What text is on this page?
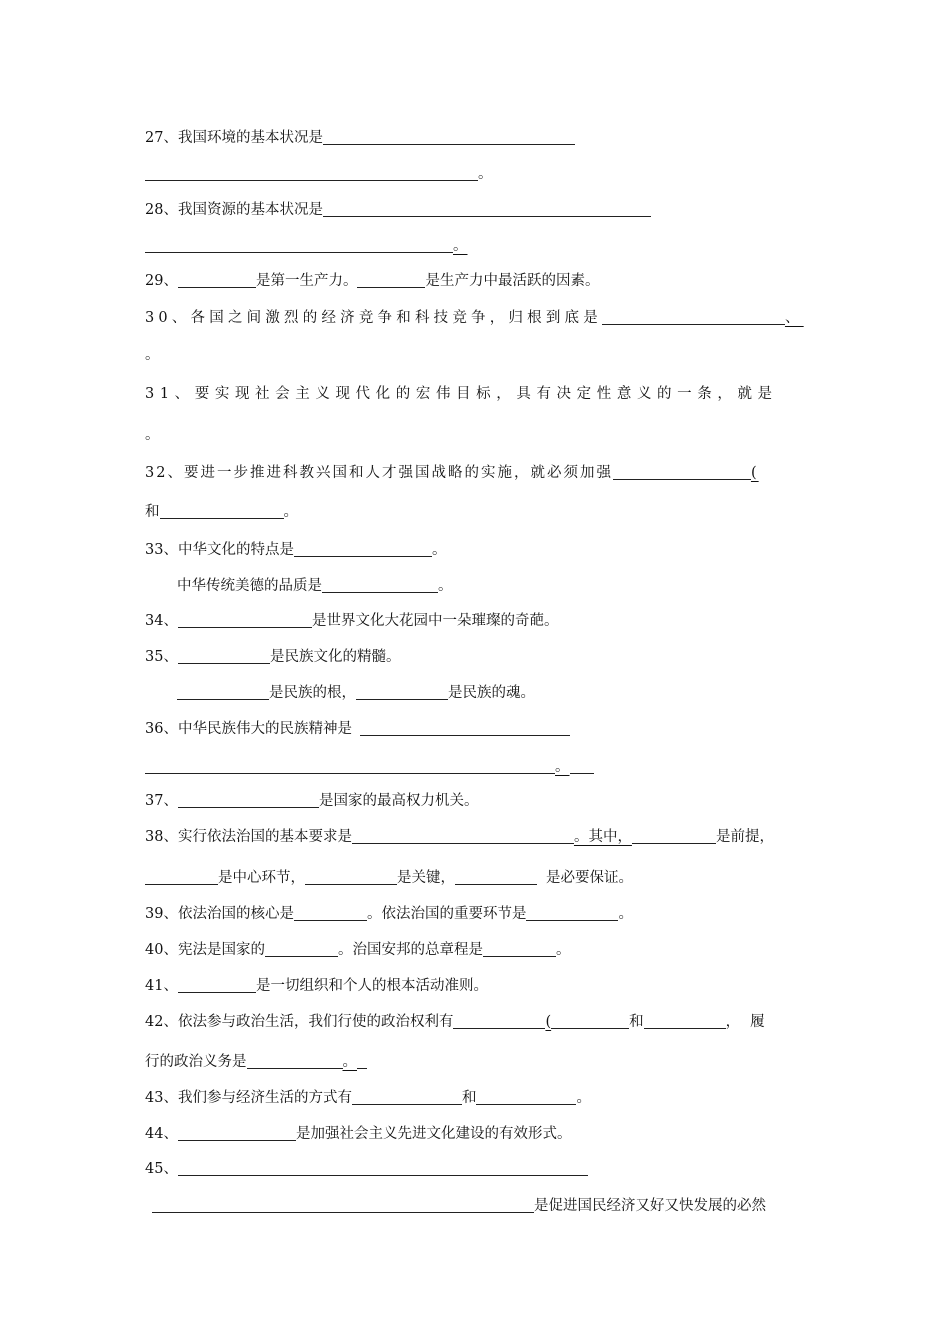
27、我国环境的基本状况是
。
28、我国资源的基本状况是
。
29、	是第一生产力。	是生产力中最活跃的因素。
30、各国之间激烈的经济竞争和科技竞争，归根到底是	、
。
31、要实现社会主义现代化的宏伟目标，具有决定性意义的一条，就是
。
32、要进一步推进科教兴国和人才强国战略的实施，就必须加强	(
和	。
33、中华文化的特点是	。
中华传统美德的品质是	。
34、	是世界文化大花园中一朵璀璨的奇葩。
35、	是民族文化的精髓。
是民族的根，	是民族的魂。
36、中华民族伟大的民族精神是
。
37、	是国家的最高权力机关。
38、实行依法治国的基本要求是	。其中，	是前提，
是中心环节，	是关键，	是必要保证。
39、依法治国的核心是	。依法治国的重要环节是	。
40、宪法是国家的	。治国安邦的总章程是	。
41、	是一切组织和个人的根本活动准则。
42、依法参与政治生活，我们行使的政治权利有	(	和	，履
行的政治义务是	。
43、我们参与经济生活的方式有	和	。
44、	是加强社会主义先进文化建设的有效形式。
45、
是促进国民经济又好又快发展的必然
